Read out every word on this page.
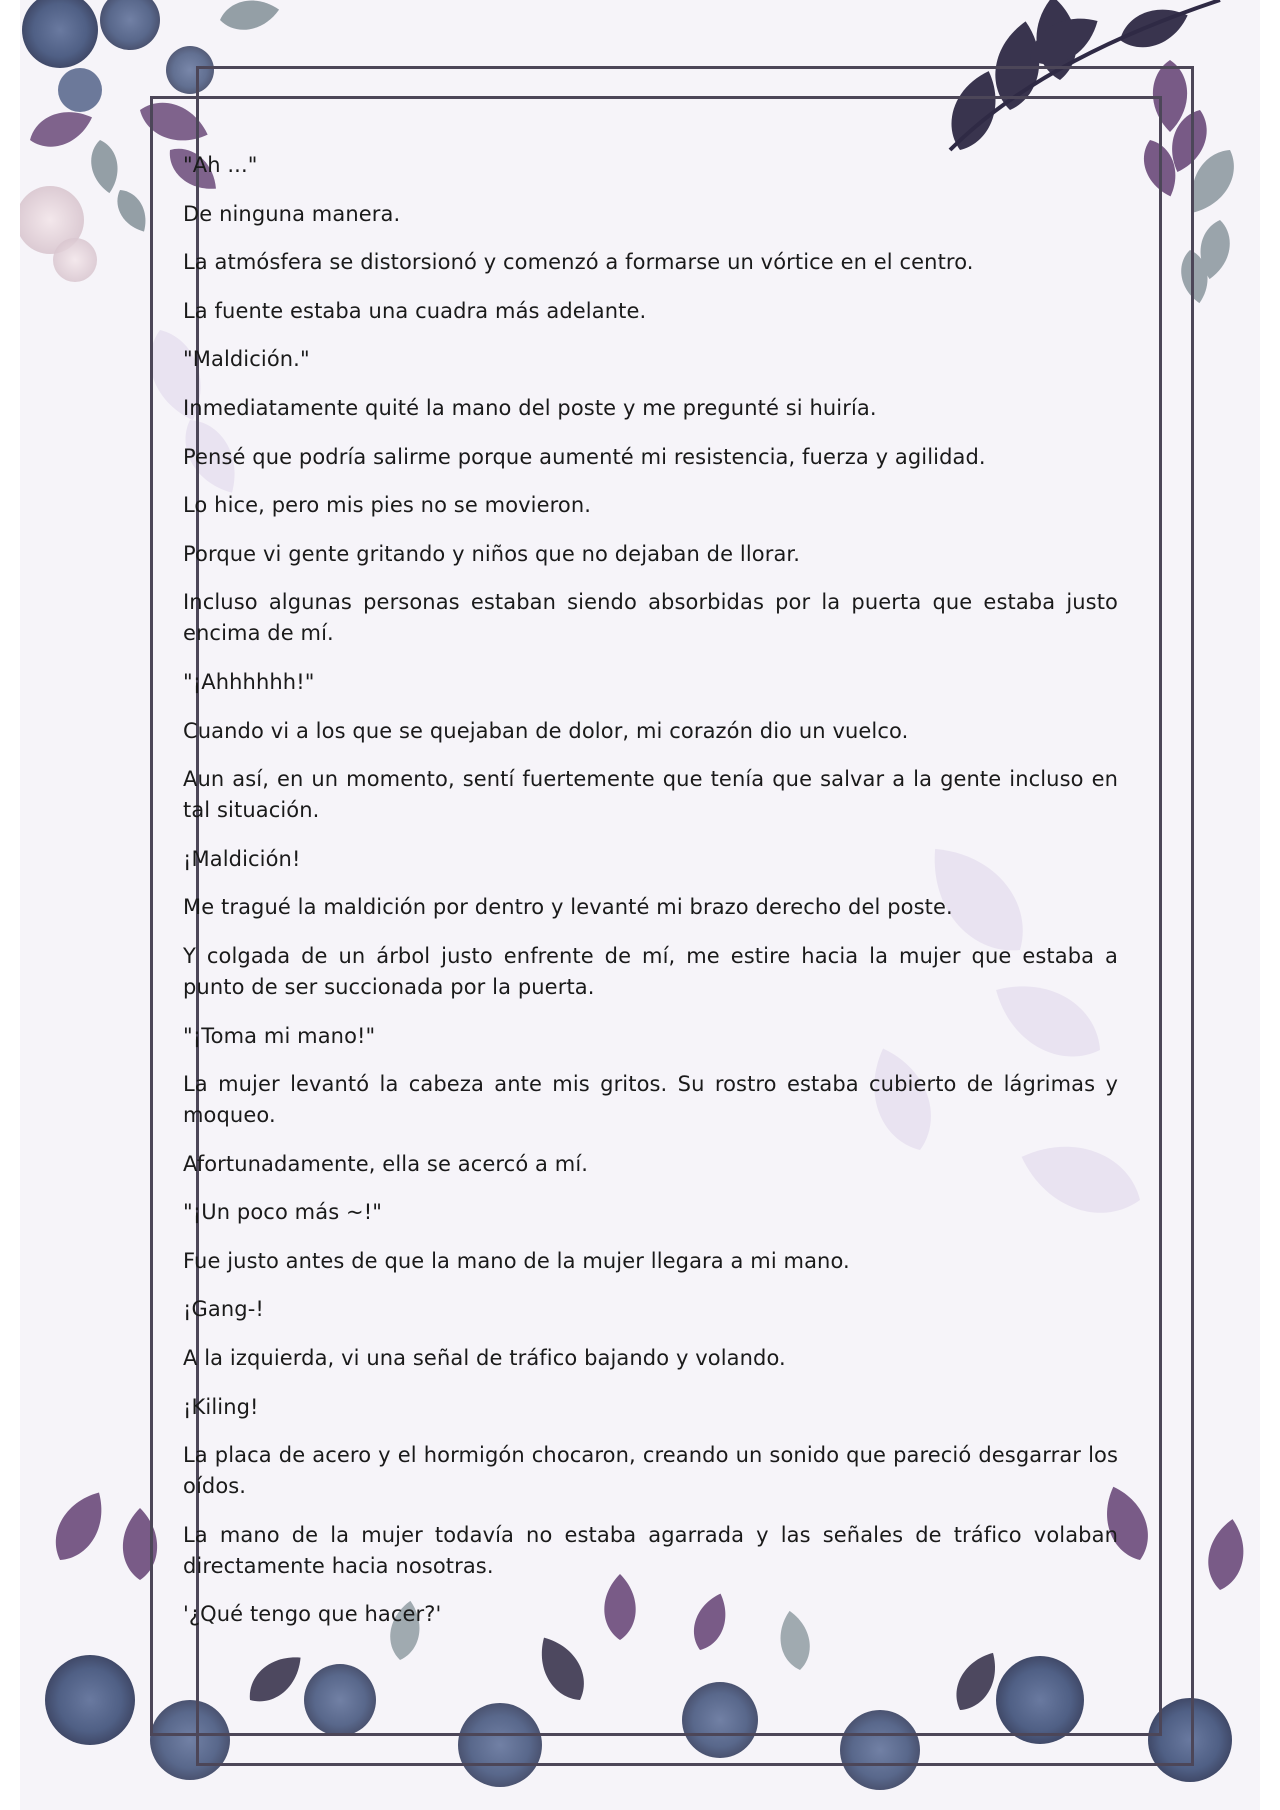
"Ah ..."

De ninguna manera.

La atmósfera se distorsionó y comenzó a formarse un vórtice en el centro.

La fuente estaba una cuadra más adelante.

"Maldición."

Inmediatamente quité la mano del poste y me pregunté si huiría.

Pensé que podría salirme porque aumenté mi resistencia, fuerza y agilidad.

Lo hice, pero mis pies no se movieron.

Porque vi gente gritando y niños que no dejaban de llorar.

Incluso algunas personas estaban siendo absorbidas por la puerta que estaba justo encima de mí.

"¡Ahhhhhh!"

Cuando vi a los que se quejaban de dolor, mi corazón dio un vuelco.

Aun así, en un momento, sentí fuertemente que tenía que salvar a la gente incluso en tal situación.

¡Maldición!

Me tragué la maldición por dentro y levanté mi brazo derecho del poste.

Y colgada de un árbol justo enfrente de mí, me estire hacia la mujer que estaba a punto de ser succionada por la puerta.

"¡Toma mi mano!"

La mujer levantó la cabeza ante mis gritos. Su rostro estaba cubierto de lágrimas y moqueo.

Afortunadamente, ella se acercó a mí.

"¡Un poco más ~!"

Fue justo antes de que la mano de la mujer llegara a mi mano.

¡Gang-!

A la izquierda, vi una señal de tráfico bajando y volando.

¡Kiling!

La placa de acero y el hormigón chocaron, creando un sonido que pareció desgarrar los oídos.

La mano de la mujer todavía no estaba agarrada y las señales de tráfico volaban directamente hacia nosotras.

'¿Qué tengo que hacer?'
